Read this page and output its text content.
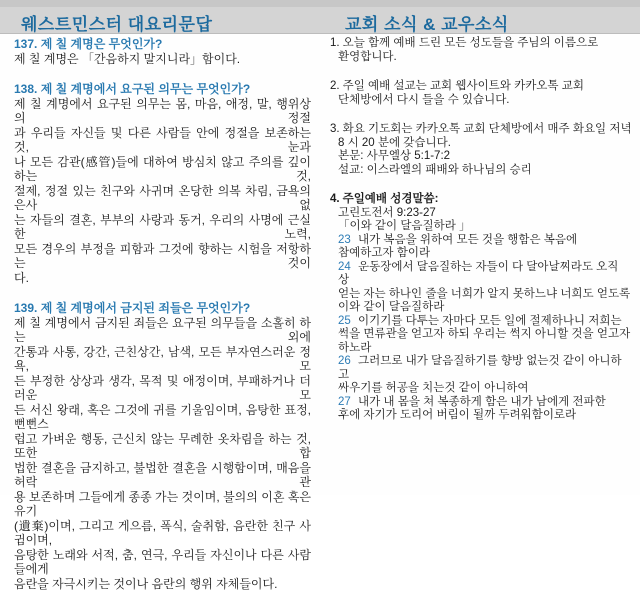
웨스트민스터 대요리문답	교회 소식 & 교우소식
137. 제 칠 계명은 무엇인가?
제 칠 계명은 「간음하지 말지니라」함이다.
138. 제 칠 계명에서 요구된 의무는 무엇인가?
제 칠 계명에서 요구된 의무는 몸, 마음, 애정, 말, 행위상의 정절
과 우리들 자신들 및 다른 사람들 안에 정절을 보존하는 것, 눈과
나 모든 감관(感管)들에 대하여 방심치 않고 주의를 깊이 하는 것,
절제, 정절 있는 친구와 사귀며 온당한 의복 차림, 금욕의 은사 없
는 자들의 결혼, 부부의 사랑과 동거, 우리의 사명에 근실한 노력,
모든 경우의 부정을 피함과 그것에 향하는 시험을 저항하는 것이
다.
139. 제 칠 계명에서 금지된 죄들은 무엇인가?
제 칠 계명에서 금지된 죄들은 요구된 의무들을 소홀히 하는 외에
간통과 사통, 강간, 근친상간, 남색, 모든 부자연스러운 정욕, 모
든 부정한 상상과 생각, 목적 및 애정이며, 부패하거나 더러운 모
든 서신 왕래, 혹은 그것에 귀를 기울임이며, 음탕한 표정, 뻔뻔스
럽고 가벼운 행동, 근신치 않는 무례한 옷차림을 하는 것, 또한 합
법한 결혼을 금지하고, 불법한 결혼을 시행함이며, 매음을 허락 관
용 보존하며 그들에게 종종 가는 것이며, 불의의 이혼 혹은 유기
(遺棄)이며, 그리고 게으름, 폭식, 술취함, 음란한 친구 사귐이며,
음탕한 노래와 서적, 춤, 연극, 우리들 자신이나 다른 사람들에게
음란을 자극시키는 것이나 음란의 행위 자체들이다.
1. 오늘 함께 예배 드린 모든 성도들을 주님의 이름으로
환영합니다.
2. 주일 예배 설교는 교회 웹사이트와 카카오톡 교회
단체방에서 다시 들을 수 있습니다.
3. 화요 기도회는 카카오톡 교회 단체방에서 매주 화요일 저녁
8 시 20 분에 갖습니다.
본문: 사무엘상 5:1-7:2
설교: 이스라엘의 패배와 하나님의 승리
4. 주일예배 성경말씀:
고린도전서 9:23-27
「이와 같이 달음질하라 」
23 내가 복음을 위하여 모든 것을 행함은 복음에
참예하고자 함이라
24 운동장에서 달음질하는 자들이 다 달아날찌라도 오직 상
얻는 자는 하나인 줄을 너희가 알지 못하느냐 너희도 얻도록
이와 같이 달음질하라
25 이기기를 다투는 자마다 모든 일에 절제하나니 저희는
썩을 면류관을 얻고자 하되 우리는 썩지 아니할 것을 얻고자
하노라
26 그러므로 내가 달음질하기를 향방 없는것 같이 아니하고
싸우기를 허공을 치는것 같이 아니하여
27 내가 내 몸을 쳐 복종하게 함은 내가 남에게 전파한
후에 자기가 도리어 버림이 될까 두려워함이로라
